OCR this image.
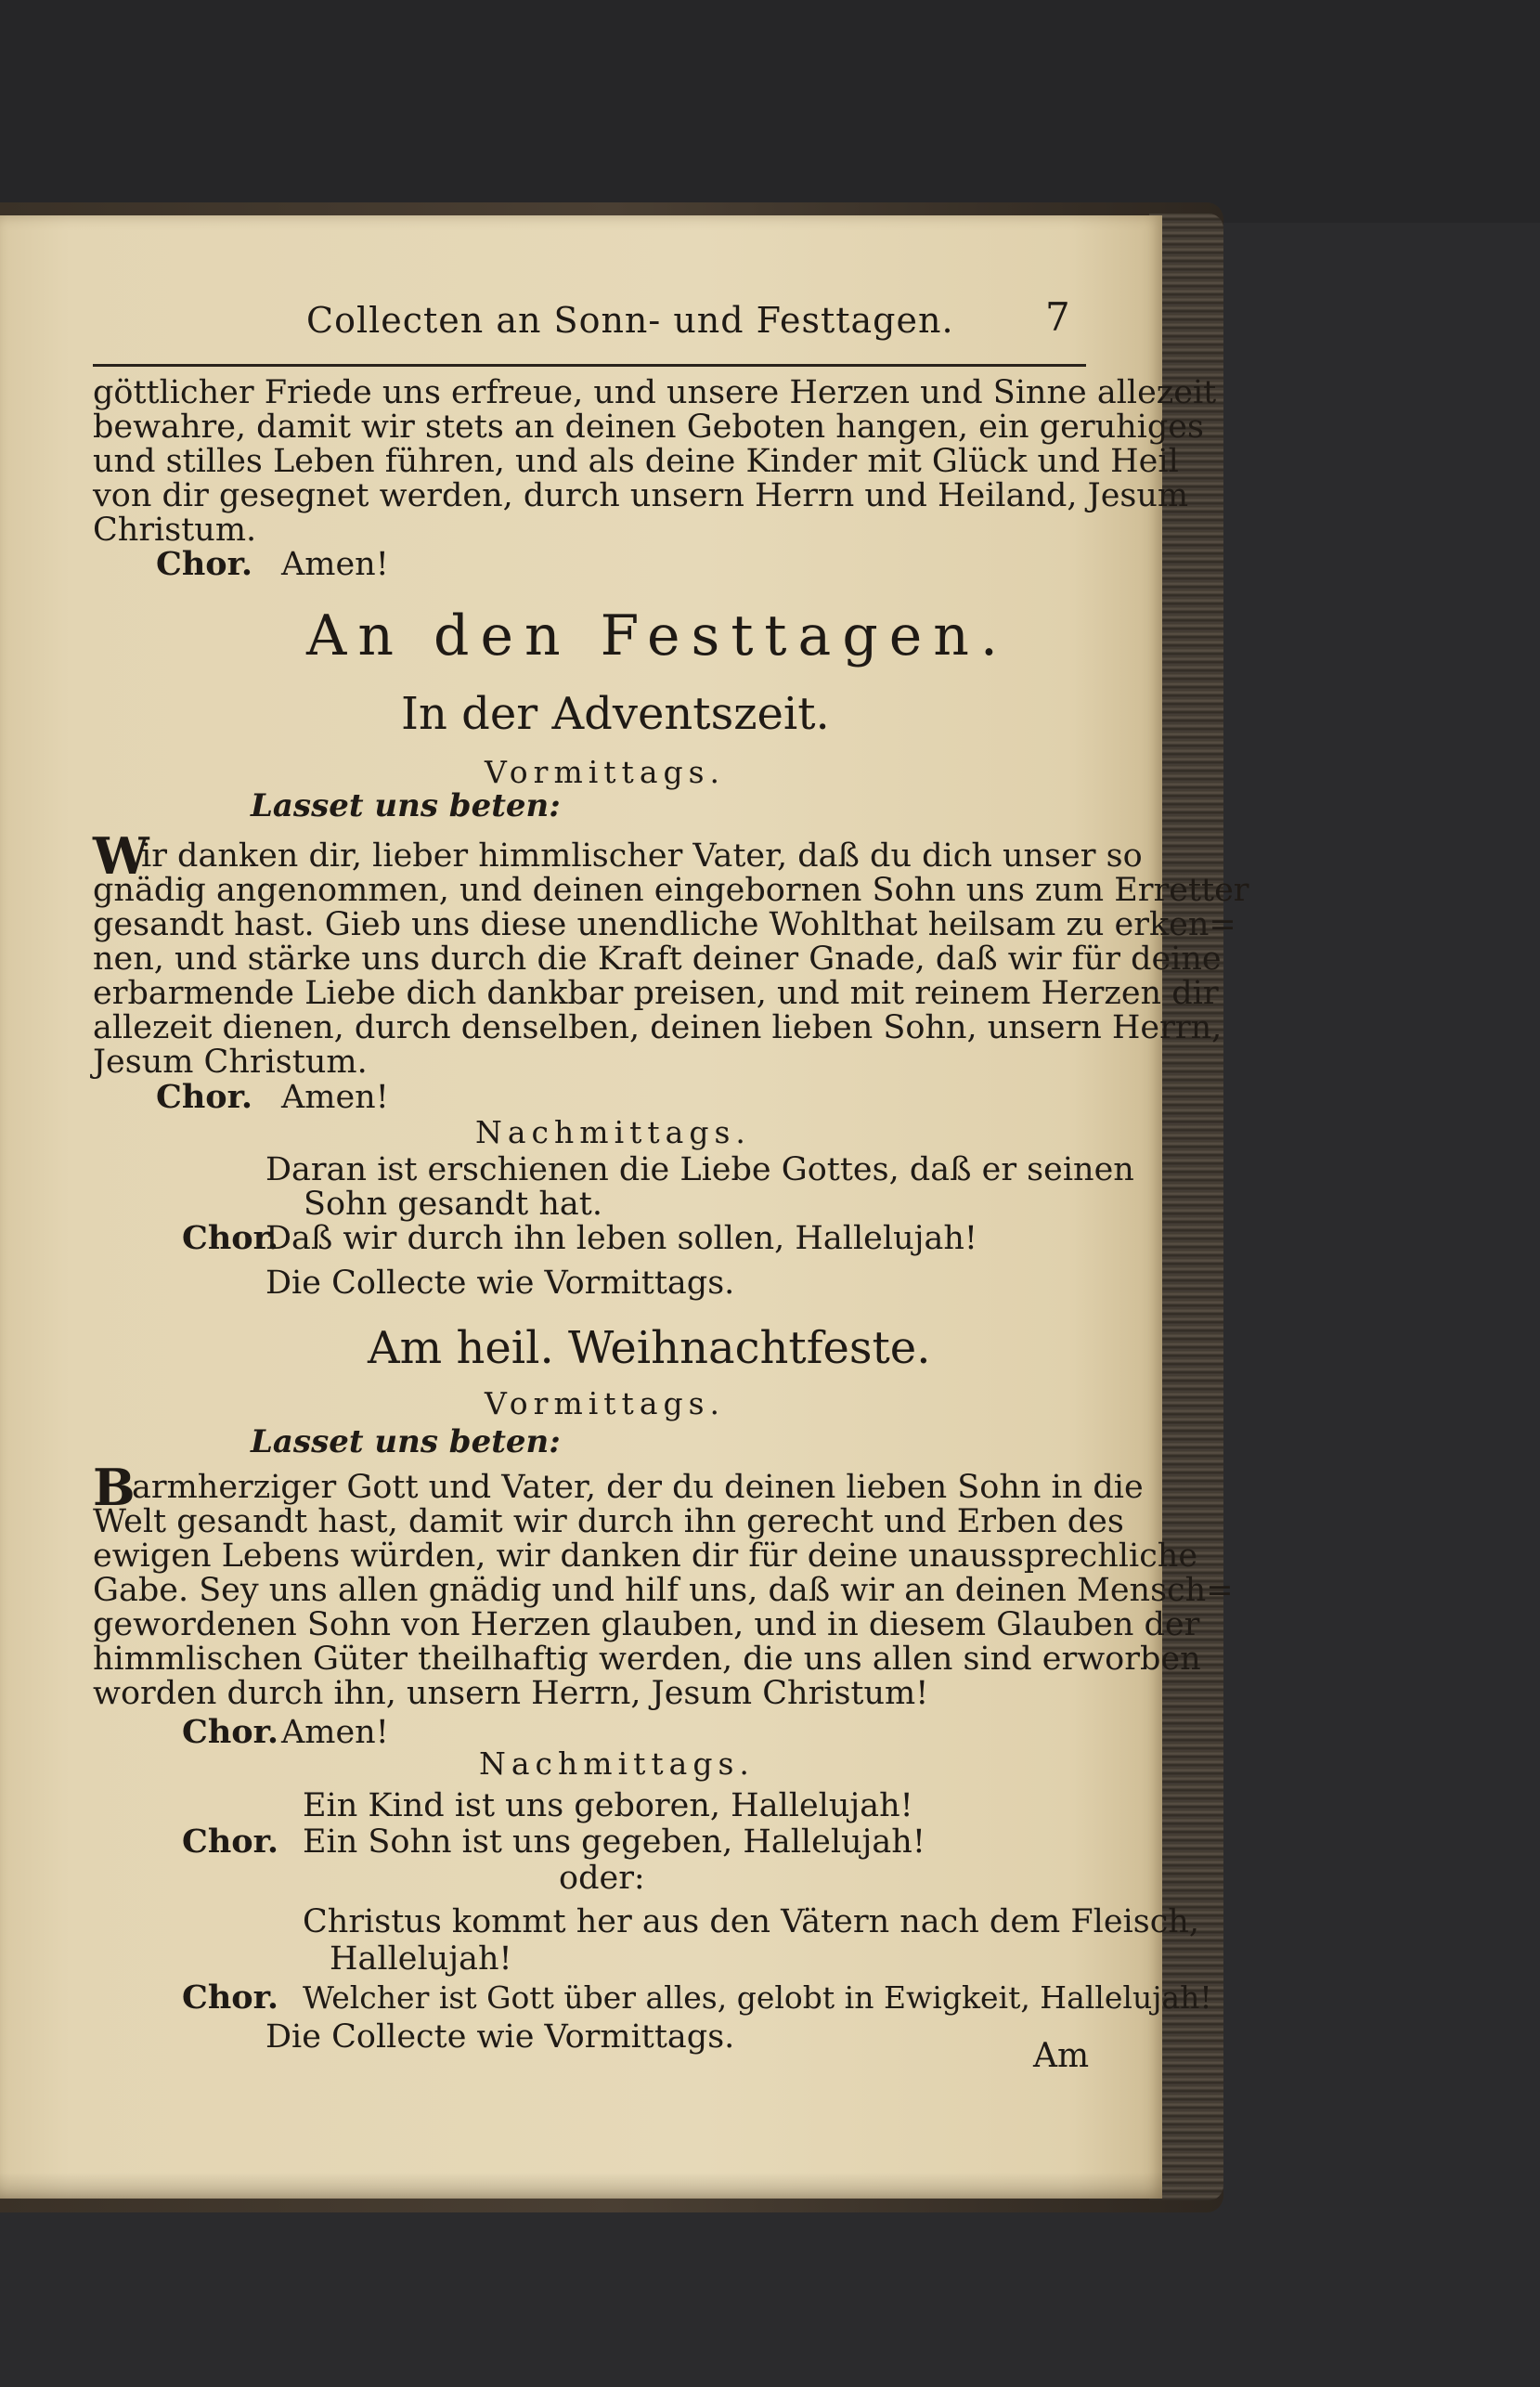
Collecten an Sonn- und Festtagen. 7

göttlicher Friede uns erfreue, und unsere Herzen und Sinne allezeit

bewahre, damit wir stets an deinen Geboten hangen, ein geruhiges

und stilles Leben führen, und als deine Kinder mit Glück und Heil

von dir gesegnet werden, durch unsern Herrn und Heiland, Jesum

Christum.

Chor. Amen!

An den Festtagen.

In der Adventszeit.

Vormittags.

Lasset uns beten:

W

ir danken dir, lieber himmlischer Vater, daß du dich unser so

gnädig angenommen, und deinen eingebornen Sohn uns zum Erretter

gesandt hast. Gieb uns diese unendliche Wohlthat heilsam zu erken=

nen, und stärke uns durch die Kraft deiner Gnade, daß wir für deine

erbarmende Liebe dich dankbar preisen, und mit reinem Herzen dir

allezeit dienen, durch denselben, deinen lieben Sohn, unsern Herrn,

Jesum Christum.

Chor. Amen!

Nachmittags.

Daran ist erschienen die Liebe Gottes, daß er seinen

Sohn gesandt hat.

Chor.

Daß wir durch ihn leben sollen, Hallelujah!

Die Collecte wie Vormittags.

Am heil. Weihnachtfeste.

Vormittags.

Lasset uns beten:

B

armherziger Gott und Vater, der du deinen lieben Sohn in die

Welt gesandt hast, damit wir durch ihn gerecht und Erben des

ewigen Lebens würden, wir danken dir für deine unaussprechliche

Gabe. Sey uns allen gnädig und hilf uns, daß wir an deinen Mensch=

gewordenen Sohn von Herzen glauben, und in diesem Glauben der

himmlischen Güter theilhaftig werden, die uns allen sind erworben

worden durch ihn, unsern Herrn, Jesum Christum!

Chor. Amen!

Nachmittags.

Ein Kind ist uns geboren, Hallelujah!

Chor. Ein Sohn ist uns gegeben, Hallelujah!

oder:

Christus kommt her aus den Vätern nach dem Fleisch,

Hallelujah!

Chor. Welcher ist Gott über alles, gelobt in Ewigkeit, Hallelujah!

Die Collecte wie Vormittags.	Am
